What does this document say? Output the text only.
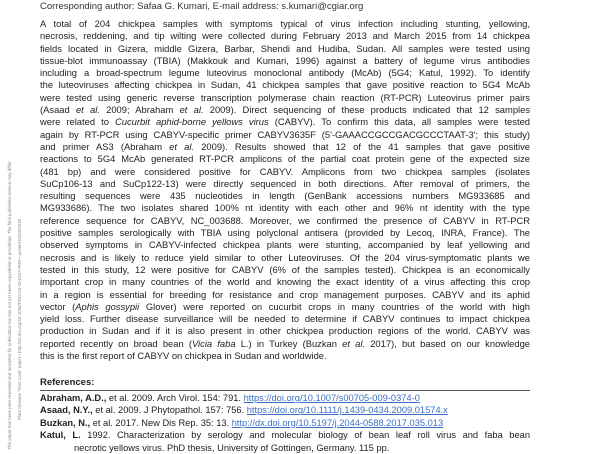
Plant Disease "First Look" paper • http://dx.doi.org/10.1094/PDIS-02-18-0347-PDN • posted 04/29/2018
This paper has been peer reviewed and accepted for publication but has not yet been copyedited or proofread. The final published version may differ
Corresponding author: Safaa G. Kumari, E-mail address: s.kumari@cgiar.org
A total of 204 chickpea samples with symptoms typical of virus infection including stunting, yellowing,
necrosis, reddening, and tip wilting were collected during February 2013 and March 2015 from 14 chickpea
fields located in Gizera, middle Gizera, Barbar, Shendi and Hudiba, Sudan. All samples were tested using
tissue-blot immunoassay (TBIA) (Makkouk and Kumari, 1996) against a battery of legume virus antibodies
including a broad-spectrum legume luteovirus monoclonal antibody (McAb) (5G4; Katul, 1992). To identify
the luteoviruses affecting chickpea in Sudan, 41 chickpea samples that gave positive reaction to 5G4 McAb
were tested using generic reverse transcription polymerase chain reaction (RT-PCR) Luteovirus primer pairs
(Asaad et al. 2009; Abraham et al. 2009). Direct sequencing of these products indicated that 12 samples
were related to Cucurbit aphid-borne yellows virus (CABYV). To confirm this data, all samples were tested
again by RT-PCR using CABYV-specific primer CABYV3635F (5'-GAAACCGCCGACGCCCTAAT-3'; this study)
and primer AS3 (Abraham et al. 2009). Results showed that 12 of the 41 samples that gave positive
reactions to 5G4 McAb generated RT-PCR amplicons of the partial coat protein gene of the expected size
(481 bp) and were considered positive for CABYV. Amplicons from two chickpea samples (isolates
SuCp106-13 and SuCp122-13) were directly sequenced in both directions. After removal of primers, the
resulting sequences were 435 nucleotides in length (GenBank accessions numbers MG933685 and
MG933686). The two isolates shared 100% nt identity with each other and 96% nt identity with the type
reference sequence for CABYV, NC_003688. Moreover, we confirmed the presence of CABYV in RT-PCR
positive samples serologically with TBIA using polyclonal antisera (provided by Lecoq, INRA, France). The
observed symptoms in CABYV-infected chickpea plants were stunting, accompanied by leaf yellowing and
necrosis and is likely to reduce yield similar to other Luteoviruses. Of the 204 virus-symptomatic plants we
tested in this study, 12 were positive for CABYV (6% of the samples tested). Chickpea is an economically
important crop in many countries of the world and knowing the exact identity of a virus affecting this crop
in a region is essential for breeding for resistance and crop management purposes. CABYV and its aphid
vector (Aphis gossypii Glover) were reported on cucurbit crops in many countries of the world with high
yield loss. Further disease surveillance will be needed to determine if CABYV continues to impact chickpea
production in Sudan and if it is also present in other chickpea production regions of the world. CABYV was
reported recently on broad bean (Vicia faba L.) in Turkey (Buzkan et al. 2017), but based on our knowledge
this is the first report of CABYV on chickpea in Sudan and worldwide.
References:
Abraham, A.D., et al. 2009. Arch Virol. 154: 791. https://doi.org/10.1007/s00705-009-0374-0
Asaad, N.Y., et al. 2009. J Phytopathol. 157: 756. https://doi.org/10.1111/j.1439-0434.2009.01574.x
Buzkan, N., et al. 2017. New Dis Rep. 35: 13. http://dx.doi.org/10.5197/j.2044-0588.2017.035.013
Katul, L. 1992. Characterization by serology and molecular biology of bean leaf roll virus and faba bean
necrotic yellows virus. PhD thesis, University of Gottingen, Germany. 115 pp.
